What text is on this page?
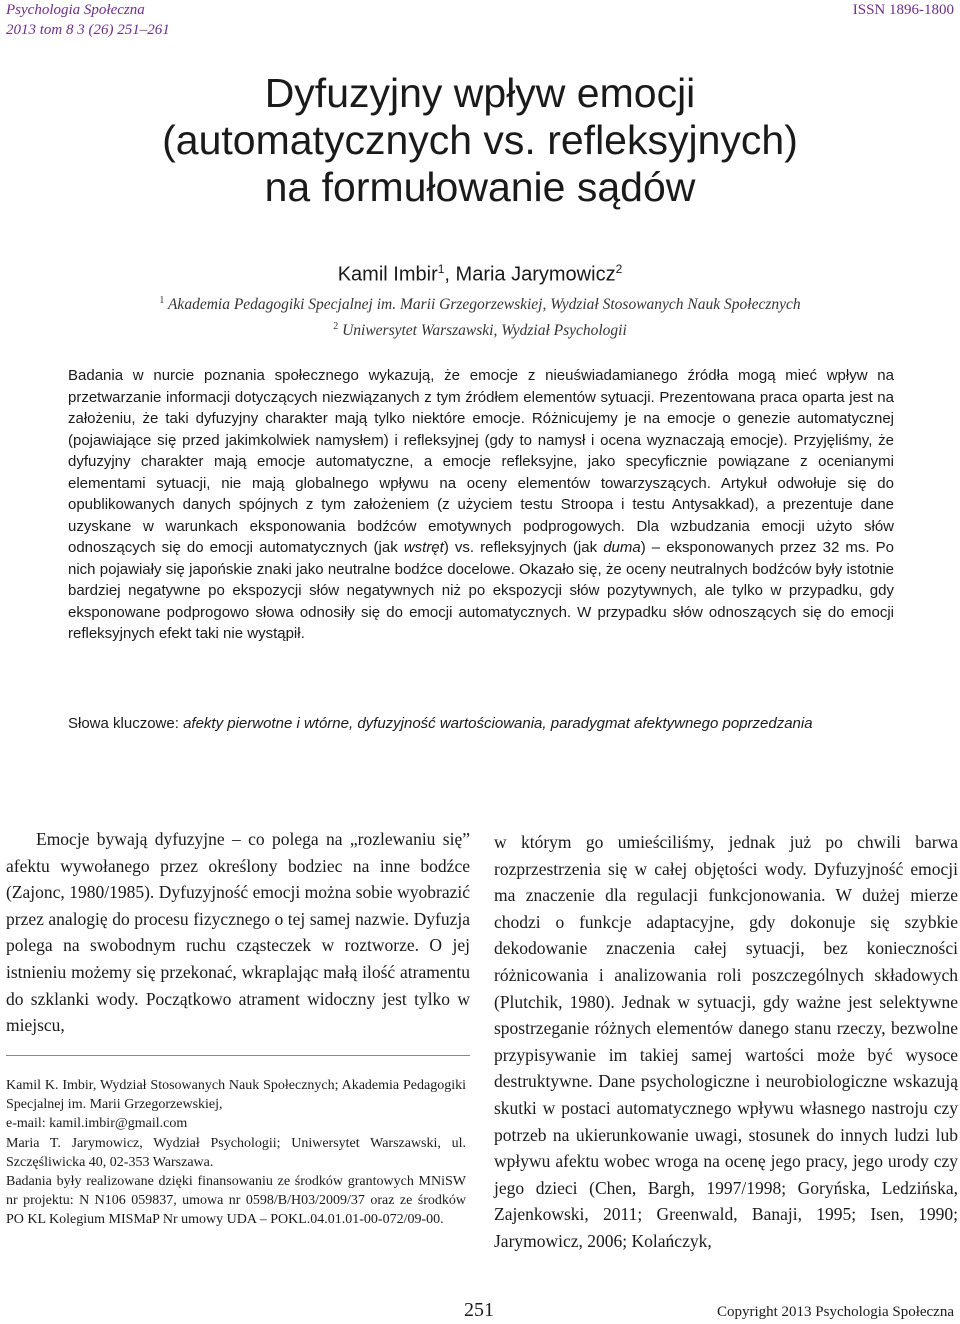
Psychologia Społeczna
2013 tom 8 3 (26) 251–261
ISSN 1896-1800
Dyfuzyjny wpływ emocji
(automatycznych vs. refleksyjnych)
na formułowanie sądów
Kamil Imbir$^1$, Maria Jarymowicz$^2$
$^1$ Akademia Pedagogiki Specjalnej im. Marii Grzegorzewskiej, Wydział Stosowanych Nauk Społecznych
$^2$ Uniwersytet Warszawski, Wydział Psychologii

Badania w nurcie poznania społecznego wykazują, że emocje z nieuświadamianego źródła mogą mieć wpływ na przetwarzanie informacji dotyczących niezwiązanych z tym źródłem elementów sytuacji. Prezentowana praca oparta jest na założeniu, że taki dyfuzyjny charakter mają tylko niektóre emocje. Różnicujemy je na emocje o genezie automatycznej (pojawiające się przed jakimkolwiek namysłem) i refleksyjnej (gdy to namysł i ocena wyznaczają emocje). Przyjęliśmy, że dyfuzyjny charakter mają emocje automatyczne, a emocje refleksyjne, jako specyficznie powiązane z ocenianymi elementami sytuacji, nie mają globalnego wpływu na oceny elementów towarzyszących. Artykuł odwołuje się do opublikowanych danych spójnych z tym założeniem (z użyciem testu Stroopa i testu Antysakkad), a prezentuje dane uzyskane w warunkach eksponowania bodźców emotywnych podprogowych. Dla wzbudzania emocji użyto słów odnoszących się do emocji automatycznych (jak wstręt) vs. refleksyjnych (jak duma) – eksponowanych przez 32 ms. Po nich pojawiały się japońskie znaki jako neutralne bodźce docelowe. Okazało się, że oceny neutralnych bodźców były istotnie bardziej negatywne po ekspozycji słów negatywnych niż po ekspozycji słów pozytywnych, ale tylko w przypadku, gdy eksponowane podprogowo słowa odnosiły się do emocji automatycznych. W przypadku słów odnoszących się do emocji refleksyjnych efekt taki nie wystąpił.

Słowa kluczowe: afekty pierwotne i wtórne, dyfuzyjność wartościowania, paradygmat afektywnego poprzedzania

Emocje bywają dyfuzyjne – co polega na „rozlewaniu się” afektu wywołanego przez określony bodziec na inne bodźce (Zajonc, 1980/1985). Dyfuzyjność emocji można sobie wyobrazić przez analogię do procesu fizycznego o tej samej nazwie. Dyfuzja polega na swobodnym ruchu cząsteczek w roztworze. O jej istnieniu możemy się przekonać, wkraplając małą ilość atramentu do szklanki wody. Początkowo atrament widoczny jest tylko w miejscu,

w którym go umieściliśmy, jednak już po chwili barwa rozprzestrzenia się w całej objętości wody. Dyfuzyjność emocji ma znaczenie dla regulacji funkcjonowania. W dużej mierze chodzi o funkcje adaptacyjne, gdy dokonuje się szybkie dekodowanie znaczenia całej sytuacji, bez konieczności różnicowania i analizowania roli poszczególnych składowych (Plutchik, 1980). Jednak w sytuacji, gdy ważne jest selektywne spostrzeganie różnych elementów danego stanu rzeczy, bezwolne przypisywanie im takiej samej wartości może być wysoce destruktywne. Dane psychologiczne i neurobiologiczne wskazują skutki w postaci automatycznego wpływu własnego nastroju czy potrzeb na ukierunkowanie uwagi, stosunek do innych ludzi lub wpływu afektu wobec wroga na ocenę jego pracy, jego urody czy jego dzieci (Chen, Bargh, 1997/1998; Goryńska, Ledzińska, Zajenkowski, 2011; Greenwald, Banaji, 1995; Isen, 1990; Jarymowicz, 2006; Kolańczyk,

Kamil K. Imbir, Wydział Stosowanych Nauk Społecznych; Akademia Pedagogiki Specjalnej im. Marii Grzegorzewskiej,

e-mail: kamil.imbir@gmail.com

Maria T. Jarymowicz, Wydział Psychologii; Uniwersytet Warszawski, ul. Szczęśliwicka 40, 02-353 Warszawa.

Badania były realizowane dzięki finansowaniu ze środków grantowych MNiSW nr projektu: N N106 059837, umowa nr 0598/B/H03/2009/37 oraz ze środków PO KL Kolegium MISMaP Nr umowy UDA – POKL.04.01.01-00-072/09-00.

251	Copyright 2013 Psychologia Społeczna
